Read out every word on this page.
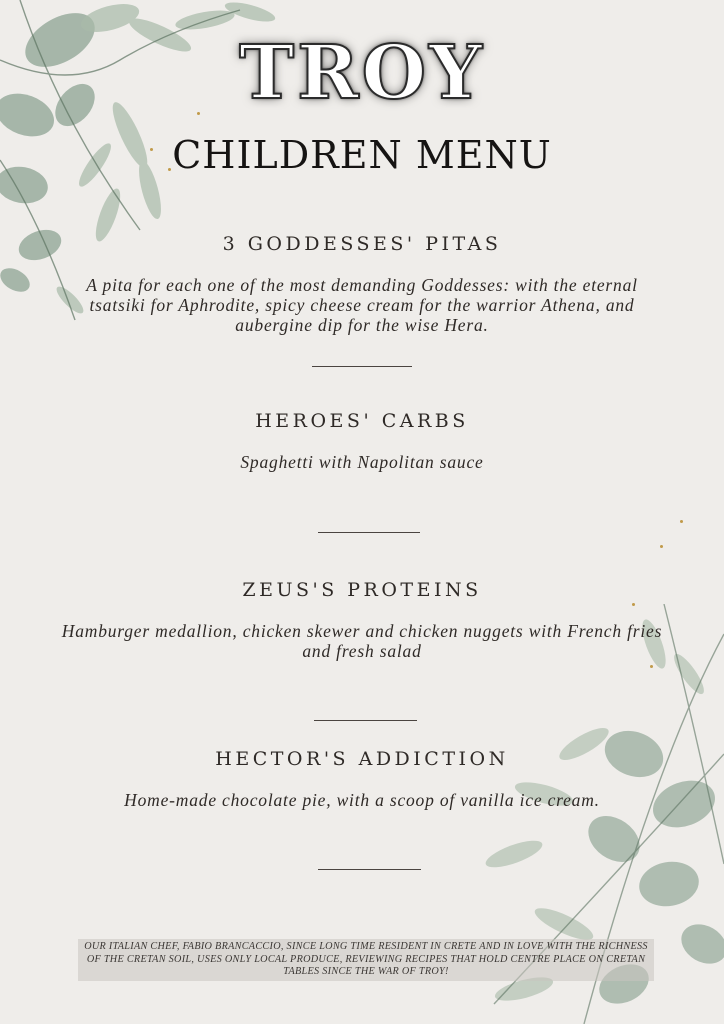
TROY
CHILDREN MENU
3 GODDESSES' PITAS
A pita for each one of the most demanding Goddesses: with the eternal tsatsiki for Aphrodite, spicy cheese cream for the warrior Athena, and aubergine dip for the wise Hera.
HEROES' CARBS
Spaghetti with Napolitan sauce
ZEUS'S PROTEINS
Hamburger medallion, chicken skewer and chicken nuggets with French fries and fresh salad
HECTOR'S ADDICTION
Home-made chocolate pie, with a scoop of vanilla ice cream.
OUR ITALIAN CHEF, FABIO BRANCACCIO, SINCE LONG TIME RESIDENT IN CRETE AND IN LOVE WITH THE RICHNESS OF THE CRETAN SOIL, USES ONLY LOCAL PRODUCE, REVIEWING RECIPES THAT HOLD CENTRE PLACE ON CRETAN TABLES SINCE THE WAR OF TROY!
